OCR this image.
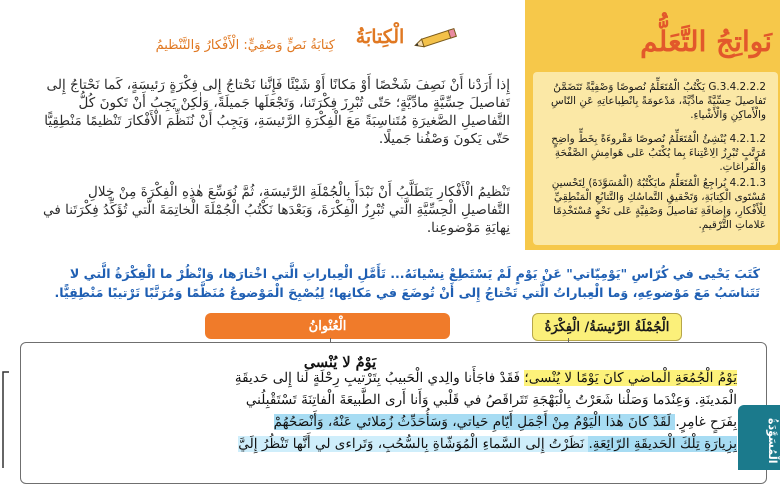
نَواتِجُ التَّعَلُّم
G.3.4.2.2.2 يَكْتُبُ الْمُتَعَلِّمُ نُصوصًا وَصْفِيَّةً تَتَضَمَّنُ تَفاصيلَ حِسِّيَّةً مادِّيَّةً، مَدْعومَةً بِانْطِباعاتِهِ عَنِ النّاسِ والْأَماكِنِ وَالْأَشْياءِ.
4.2.1.2 يُنْشِئُ الْمُتَعَلِّمُ نُصوصًا مَقْروءَةً بِخَطٍّ واضِحٍ مُرَتَّبٍ تُبْرِزُ الِاعْتِناءَ بِما يُكْتَبُ عَلى هَوامِشِ الصَّفْحَةِ وَالْفَراغاتِ.
4.2.1.3 يُراجِعُ الْمُتَعَلِّمُ مايَكْتُبُهُ (الْمُسَوَّدَةَ) لِتَحْسينِ مُسْتَوى الْكِتابَةِ، وَتَحْقيقِ التَّماسُكِ وَالتَّتابُعِ الْمَنْطِقِيِّ لِلْأَفْكارِ، وَإِضافَةِ تَفاصيلَ وَصْفِيَّةٍ عَلى نَحْوٍ مُسْتَخْدِمًا عَلاماتِ التَّرْقيمِ.
الْكِتابَةُ
كِتابَةُ نَصٍّ وَصْفِيٍّ: الْأَفْكارُ وَالتَّنْظيمُ
إِذا أَرَدْنا أَنْ نَصِفَ شَخْصًا أَوْ مَكانًا أَوْ شَيْئًا فَإِنَّنا نَحْتاجُ إِلى فِكْرَةٍ رَئيسَةٍ، كَما نَحْتاجُ إِلى تَفاصيلَ حِسِّيَّةٍ مادِّيَّةٍ؛ حَتّى تُبْرِزَ فِكْرَتَنا، وَتَجْعَلَها جَميلَةً، وَلٰكِنْ يَجِبُ أَنْ تَكونَ كُلُّ التَّفاصيلِ الصَّغيرَةِ مُتَناسِبَةً مَعَ الْفِكْرَةِ الرَّئيسَةِ، وَيَجِبُ أَنْ نُنَظِّمَ الْأَفْكارَ تَنْظيمًا مَنْطِقِيًّا حَتّى يَكونَ وَصْفُنا جَميلًا.
تَنْظيمُ الْأَفْكارِ يَتَطَلَّبُ أَنْ نَبْدَأَ بِالْجُمْلَةِ الرَّئيسَةِ، ثُمَّ نُوَسِّعَ هٰذِهِ الْفِكْرَةَ مِنْ خِلالِ التَّفاصيلِ الْحِسِّيَّةِ الَّتي تُبْرِزُ الْفِكْرَةَ، وَبَعْدَها نَكْتُبُ الْجُمْلَةَ الْخاتِمَةَ الَّتي تُؤَكِّدُ فِكْرَتَنا في نِهايَةِ مَوْضوعِنا.
كَتَبَ يَحْيى في كُرّاسِ "يَوْمِيّاتي" عَنْ يَوْمٍ لَمْ يَسْتَطِعْ نِسْيانَهُ... تَأَمَّلِ الْعِباراتِ الَّتي اخْتارَها، وَانْظُرْ ما الْفِكْرَةُ الَّتي لا تَتَناسَبُ مَعَ مَوْضوعِهِ، وَما الْعِباراتُ الَّتي تَحْتاجُ إِلى أَنْ تُوضَعَ في مَكانِها؛ لِيُصْبِحَ الْمَوْضوعُ مُنَظَّمًا وَمُرَتَّبًا تَرْتيبًا مَنْطِقِيًّا.
الْعُنْوانُ	الْجُمْلَةُ الرَّئيسَةُ/ الْفِكْرَةُ
يَوْمٌ لا يُنْسى
يَوْمُ الْجُمُعَةِ الْماضي كانَ يَوْمًا لا يُنْسى؛ فَقَدْ فاجَأَنا والِدي الْحَبيبُ بِتَرْتيبِ رِحْلَةٍ لَنا إِلى حَديقَةِ
الْمَدينَةِ. وَعِنْدَما وَصَلْنا شَعَرْتُ بِالْبَهْجَةِ تَتَراقَصُ في قَلْبي وَأَنا أَرى الطَّبيعَةَ الْفاتِنَةَ تَسْتَقْبِلُني
بِفَرَحٍ غامِرٍ. لَقَدْ كانَ هٰذا الْيَوْمُ مِنْ أَجْمَلِ أَيّامِ حَياتي، وَسَأُحَدِّثُ زُمَلائي عَنْهُ، وَأَنْصَحُهُمْ
بِزِيارَةِ تِلْكَ الْحَديقَةِ الرّائِعَةِ. نَظَرْتُ إِلى السَّماءِ الْمُوَشّاةِ بِالسُّحُبِ، وَتَراءى لي أَنَّها تَنْظُرُ إِلَيَّ	الْمُسَوَّدَةُ
